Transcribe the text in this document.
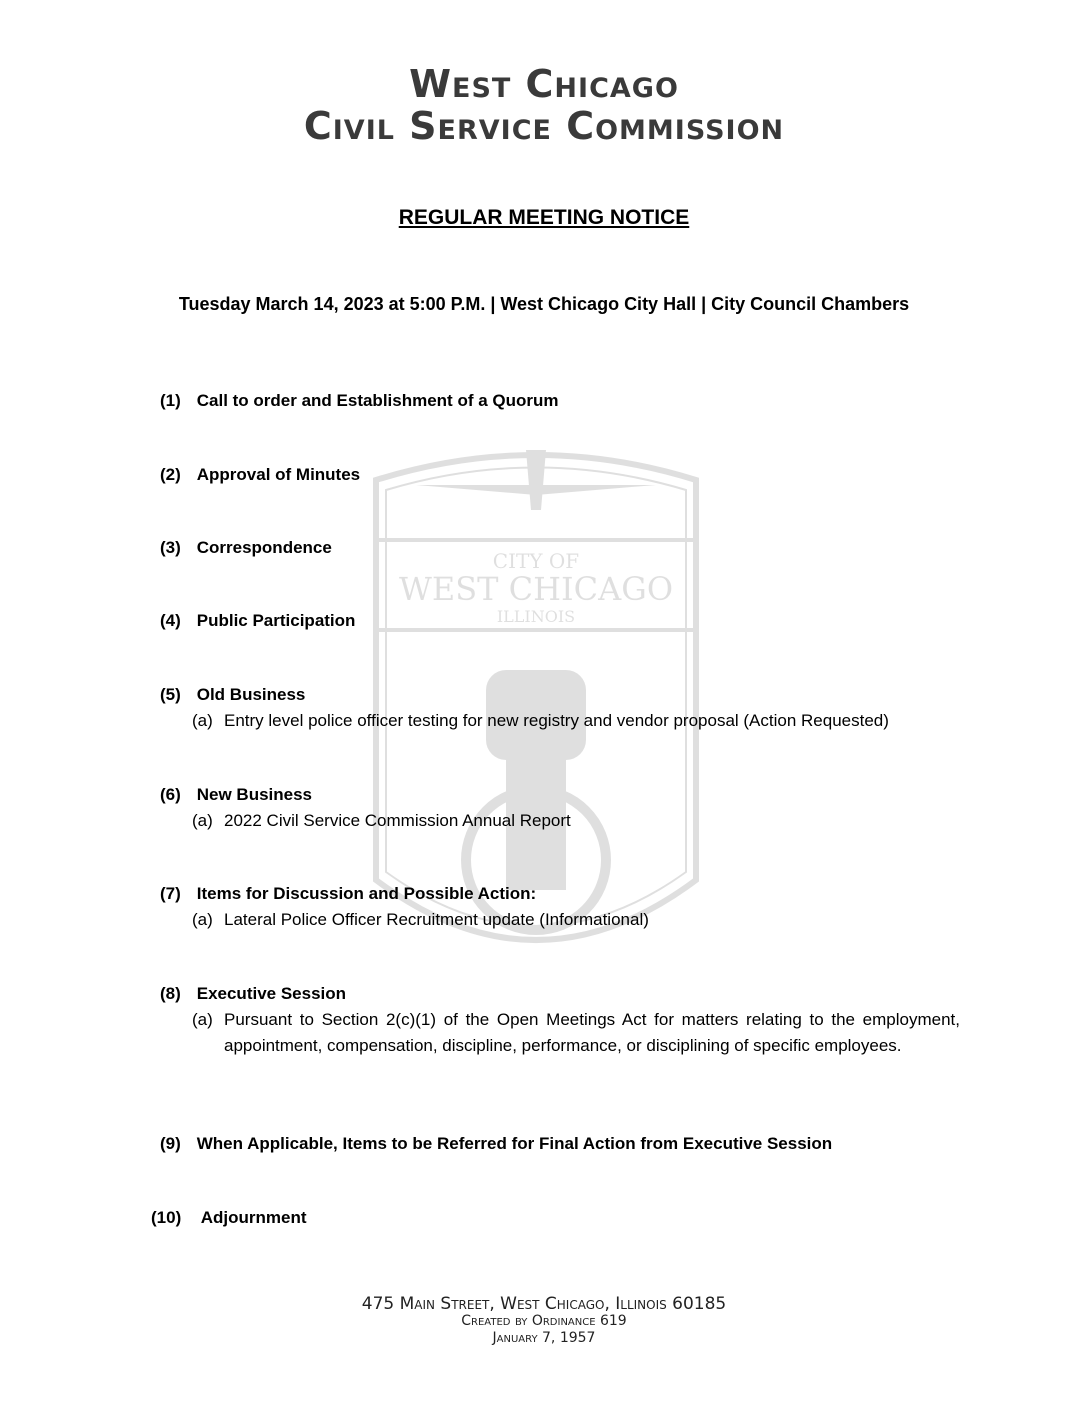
CITY OF
WEST CHICAGO
ILLINOIS
1849
West Chicago
Civil Service Commission
REGULAR MEETING NOTICE
Tuesday March 14, 2023 at 5:00 P.M. | West Chicago City Hall | City Council Chambers
(1) Call to order and Establishment of a Quorum
(2) Approval of Minutes
(3) Correspondence
(4) Public Participation
(5) Old Business
(a) Entry level police officer testing for new registry and vendor proposal (Action Requested)
(6) New Business
(a) 2022 Civil Service Commission Annual Report
(7) Items for Discussion and Possible Action:
(a) Lateral Police Officer Recruitment update (Informational)
(8) Executive Session
(a) Pursuant to Section 2(c)(1) of the Open Meetings Act for matters relating to the employment, appointment, compensation, discipline, performance, or disciplining of specific employees.
(9) When Applicable, Items to be Referred for Final Action from Executive Session
(10) Adjournment
475 Main Street, West Chicago, Illinois 60185
Created by Ordinance 619
January 7, 1957
